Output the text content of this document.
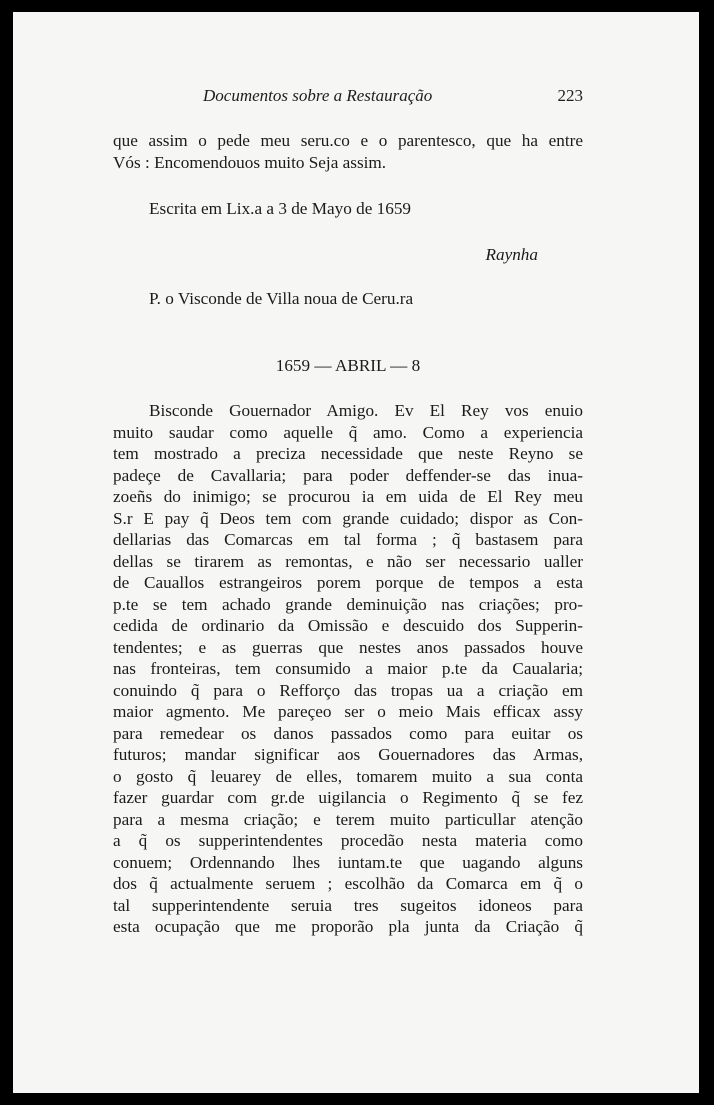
Documentos sobre a Restauração	223
que assim o pede meu seru.co e o parentesco, que ha entre
Vós : Encomendouos muito Seja assim.
Escrita em Lix.a a 3 de Mayo de 1659
Raynha
P. o Visconde de Villa noua de Ceru.ra
1659 — ABRIL — 8
Bisconde Gouernador Amigo. Ev El Rey vos enuio
muito saudar como aquelle q̃ amo. Como a experiencia
tem mostrado a preciza necessidade que neste Reyno se
padeçe de Cavallaria; para poder deffender-se das inua-
zoeñs do inimigo; se procurou ia em uida de El Rey meu
S.r E pay q̃ Deos tem com grande cuidado; dispor as Con-
dellarias das Comarcas em tal forma ; q̃ bastasem para
dellas se tirarem as remontas, e não ser necessario ualler
de Cauallos estrangeiros porem porque de tempos a esta
p.te se tem achado grande deminuição nas criações; pro-
cedida de ordinario da Omissão e descuido dos Supperin-
tendentes; e as guerras que nestes anos passados houve
nas fronteiras, tem consumido a maior p.te da Caualaria;
conuindo q̃ para o Refforço das tropas ua a criação em
maior agmento. Me pareçeo ser o meio Mais efficax assy
para remedear os danos passados como para euitar os
futuros; mandar significar aos Gouernadores das Armas,
o gosto q̃ leuarey de elles, tomarem muito a sua conta
fazer guardar com gr.de uigilancia o Regimento q̃ se fez
para a mesma criação; e terem muito particullar atenção
a q̃ os supperintendentes procedão nesta materia como
conuem; Ordennando lhes iuntam.te que uagando alguns
dos q̃ actualmente seruem ; escolhão da Comarca em q̃ o
tal supperintendente seruia tres sugeitos idoneos para
esta ocupação que me proporão pla junta da Criação q̃
